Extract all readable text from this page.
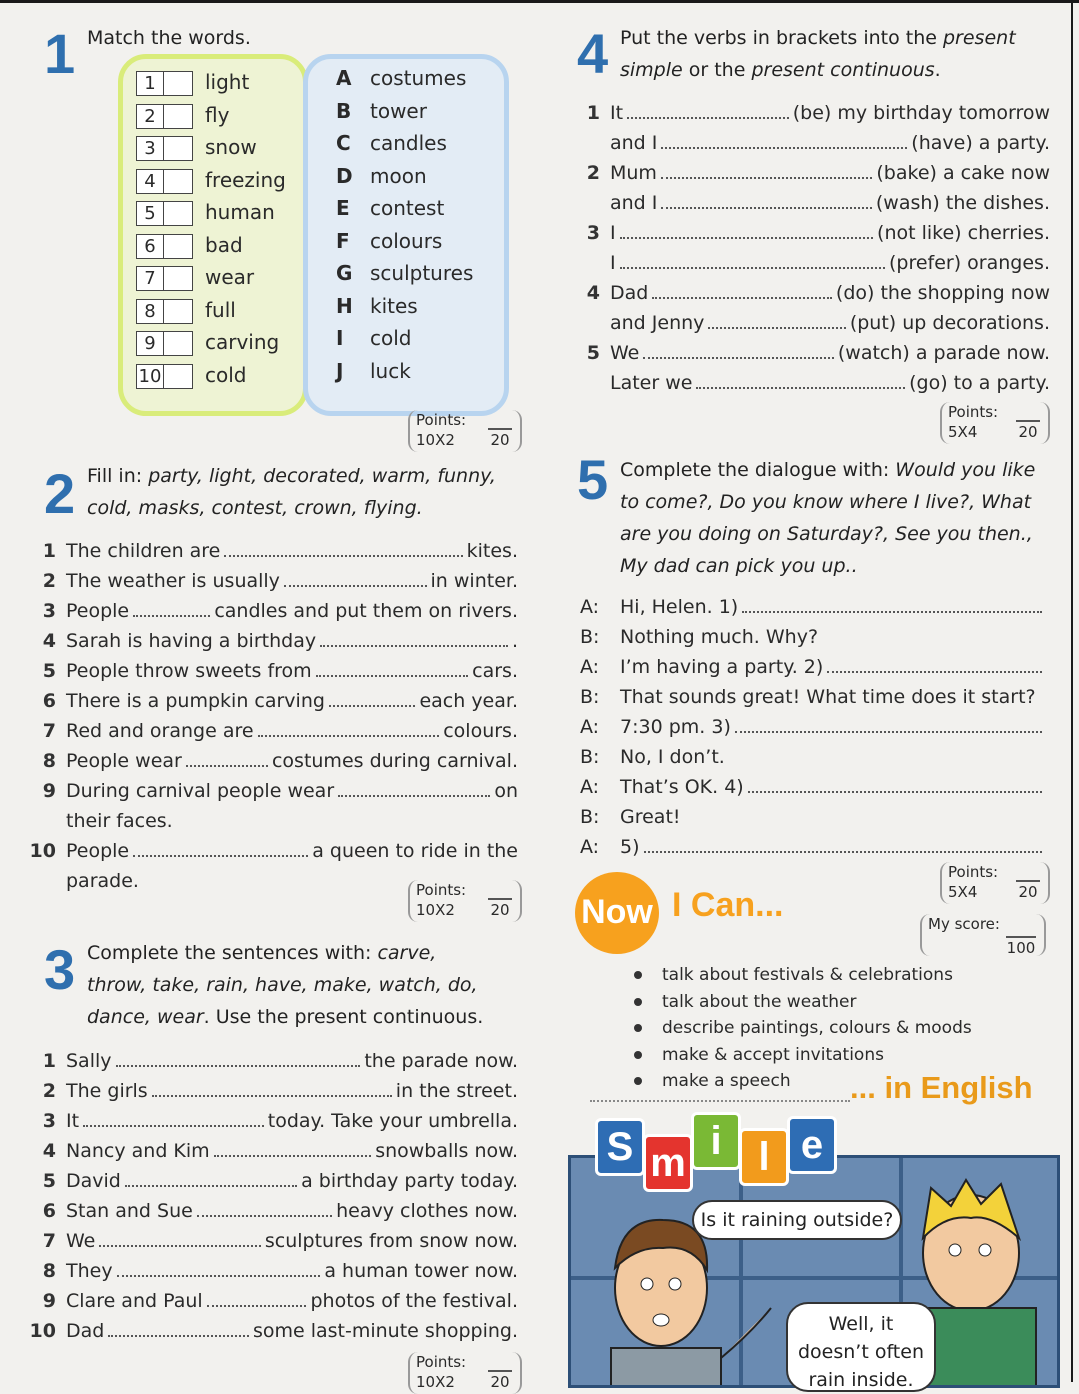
1 Match the words.
1 light
2 fly
3 snow
4 freezing
5 human
6 bad
7 wear
8 full
9 carving
10 cold
A costumes
B tower
C candles
D moon
E contest
F colours
G sculptures
H kites
I cold
J luck
Points:
10X2 20
2 Fill in: party, light, decorated, warm, funny,
cold, masks, contest, crown, flying.
1 The children are	kites.
2 The weather is usually	in winter.
3 People	candles and put them on rivers.
4 Sarah is having a birthday	.
5 People throw sweets from	cars.
6 There is a pumpkin carving	each year.
7 Red and orange are	colours.
8 People wear	costumes during carnival.
9 During carnival people wear	on
their faces.
10 People	a queen to ride in the
parade.	Points:
10X2 20
3 Complete the sentences with: carve,
throw, take, rain, have, make, watch, do,
dance, wear. Use the present continuous.
1 Sally	the parade now.
2 The girls	in the street.
3 It	today. Take your umbrella.
4 Nancy and Kim	snowballs now.
5 David	a birthday party today.
6 Stan and Sue	heavy clothes now.
7 We	sculptures from snow now.
8 They	a human tower now.
9 Clare and Paul	photos of the festival.
10 Dad	some last-minute shopping.
Points:
10X2 20
4 Put the verbs in brackets into the present
simple or the present continuous.
1 It	(be) my birthday tomorrow
and I	(have) a party.
2 Mum	(bake) a cake now
and I	(wash) the dishes.
3 I	(not like) cherries.
I	(prefer) oranges.
4 Dad	(do) the shopping now
and Jenny	(put) up decorations.
5 We	(watch) a parade now.
Later we	(go) to a party.
Points:
5X4	20
5 Complete the dialogue with: Would you like
to come?, Do you know where I live?, What
are you doing on Saturday?, See you then.,
My dad can pick you up..
A:	Hi, Helen. 1)
B:	Nothing much. Why?
A:	I’m having a party. 2)
B:	That sounds great! What time does it start?
A:	7:30 pm. 3)
B:	No, I don’t.
A:	That’s OK. 4)
B:	Great!
A:	5)
Points:
5X4	20
Now I Can...	My score:
100
talk about festivals & celebrations
talk about the weather
describe paintings, colours & moods
make & accept invitations
make a speech	... in English
S m i l e
Is it raining outside?
Well, it
doesn’t often
rain inside.
